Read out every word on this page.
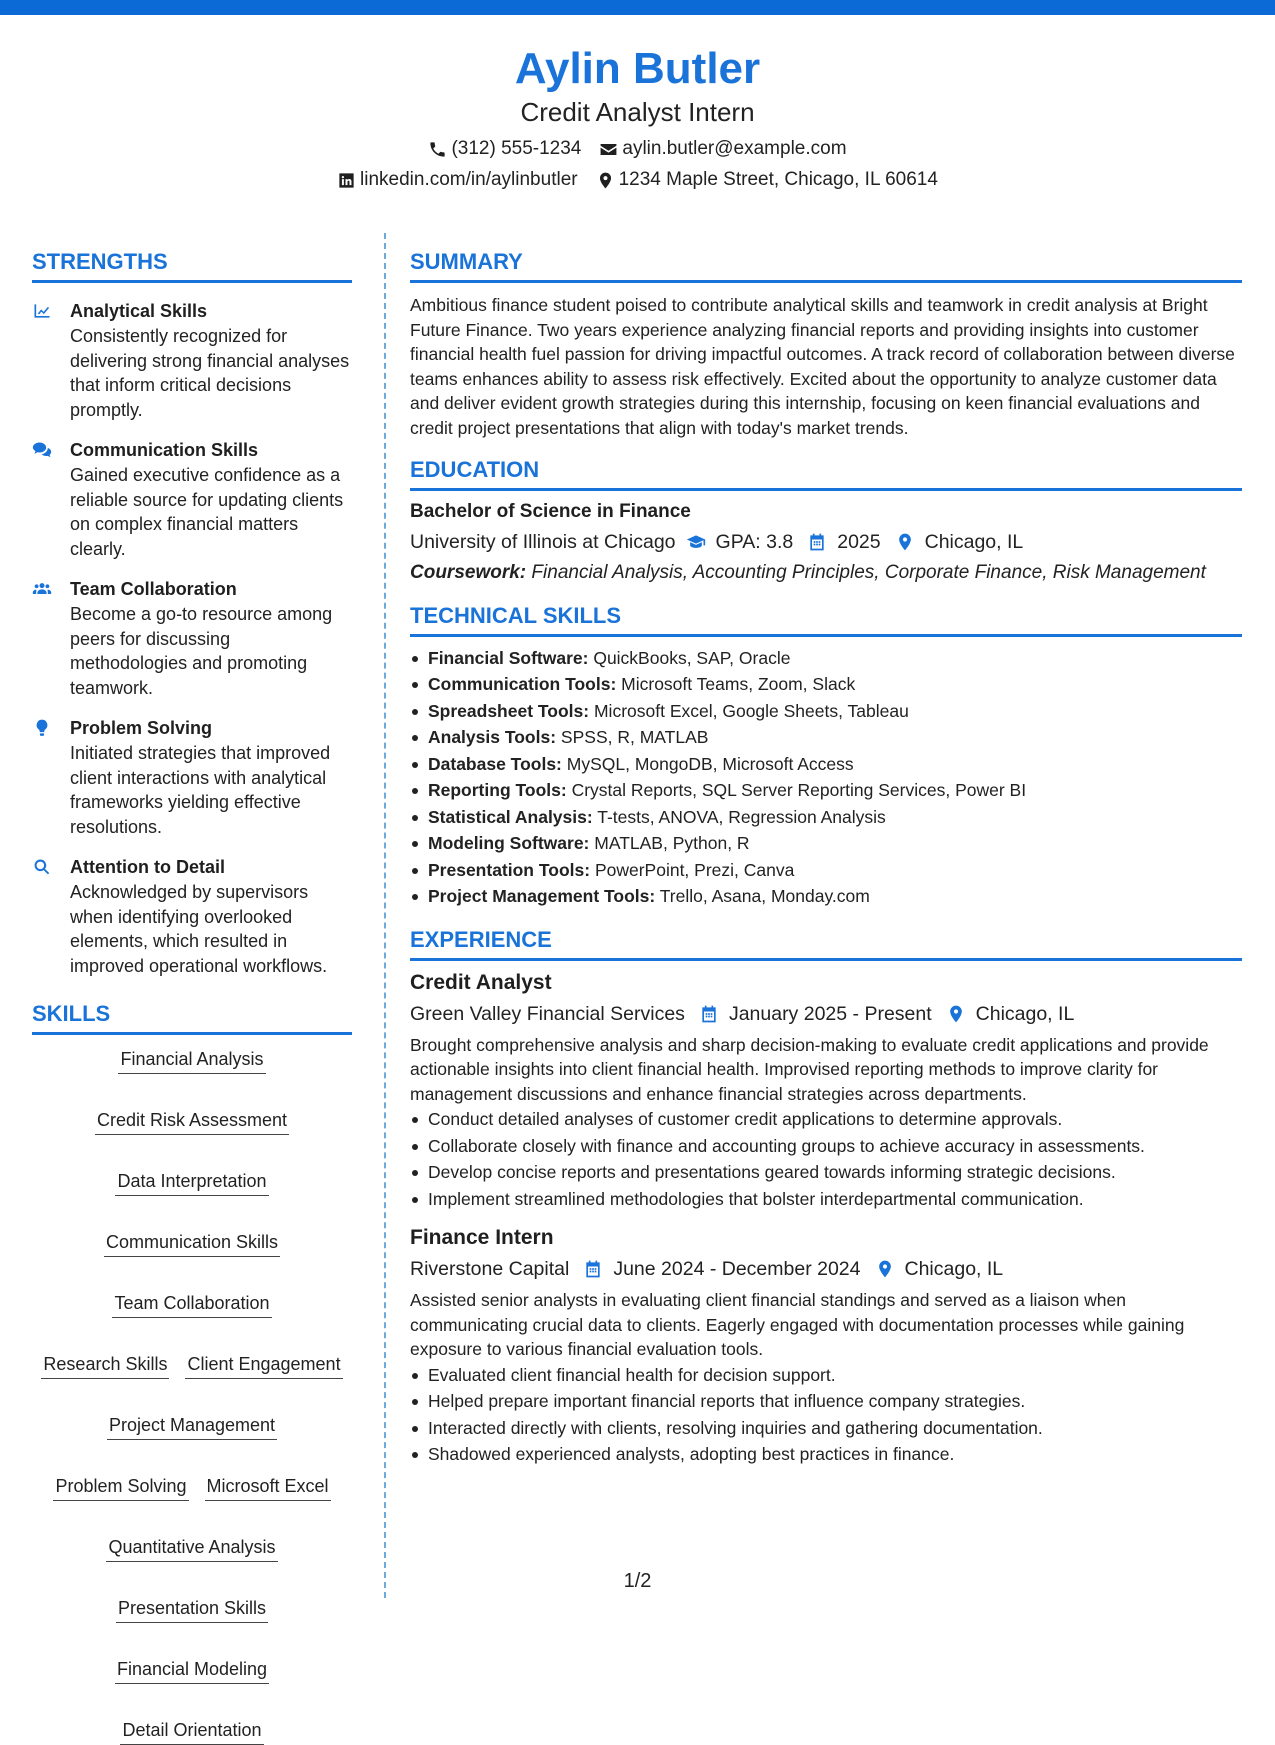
Aylin Butler
Credit Analyst Intern
(312) 555-1234 aylin.butler@example.com
linkedin.com/in/aylinbutler 1234 Maple Street, Chicago, IL 60614
STRENGTHS
Analytical Skills
Consistently recognized for delivering strong financial analyses that inform critical decisions promptly.
Communication Skills
Gained executive confidence as a reliable source for updating clients on complex financial matters clearly.
Team Collaboration
Become a go-to resource among peers for discussing methodologies and promoting teamwork.
Problem Solving
Initiated strategies that improved client interactions with analytical frameworks yielding effective resolutions.
Attention to Detail
Acknowledged by supervisors when identifying overlooked elements, which resulted in improved operational workflows.
SKILLS
Financial Analysis
Credit Risk Assessment
Data Interpretation
Communication Skills
Team Collaboration
Research Skills Client Engagement
Project Management
Problem Solving Microsoft Excel
Quantitative Analysis
Presentation Skills
Financial Modeling
Detail Orientation
SUMMARY
Ambitious finance student poised to contribute analytical skills and teamwork in credit analysis at Bright Future Finance. Two years experience analyzing financial reports and providing insights into customer financial health fuel passion for driving impactful outcomes. A track record of collaboration between diverse teams enhances ability to assess risk effectively. Excited about the opportunity to analyze customer data and deliver evident growth strategies during this internship, focusing on keen financial evaluations and credit project presentations that align with today's market trends.
EDUCATION
Bachelor of Science in Finance
University of Illinois at Chicago GPA: 3.8 2025 Chicago, IL
Coursework: Financial Analysis, Accounting Principles, Corporate Finance, Risk Management
TECHNICAL SKILLS
Financial Software: QuickBooks, SAP, Oracle
Communication Tools: Microsoft Teams, Zoom, Slack
Spreadsheet Tools: Microsoft Excel, Google Sheets, Tableau
Analysis Tools: SPSS, R, MATLAB
Database Tools: MySQL, MongoDB, Microsoft Access
Reporting Tools: Crystal Reports, SQL Server Reporting Services, Power BI
Statistical Analysis: T-tests, ANOVA, Regression Analysis
Modeling Software: MATLAB, Python, R
Presentation Tools: PowerPoint, Prezi, Canva
Project Management Tools: Trello, Asana, Monday.com
EXPERIENCE
Credit Analyst
Green Valley Financial Services January 2025 - Present Chicago, IL
Brought comprehensive analysis and sharp decision-making to evaluate credit applications and provide actionable insights into client financial health. Improvised reporting methods to improve clarity for management discussions and enhance financial strategies across departments.
Conduct detailed analyses of customer credit applications to determine approvals.
Collaborate closely with finance and accounting groups to achieve accuracy in assessments.
Develop concise reports and presentations geared towards informing strategic decisions.
Implement streamlined methodologies that bolster interdepartmental communication.
Finance Intern
Riverstone Capital June 2024 - December 2024 Chicago, IL
Assisted senior analysts in evaluating client financial standings and served as a liaison when communicating crucial data to clients. Eagerly engaged with documentation processes while gaining exposure to various financial evaluation tools.
Evaluated client financial health for decision support.
Helped prepare important financial reports that influence company strategies.
Interacted directly with clients, resolving inquiries and gathering documentation.
Shadowed experienced analysts, adopting best practices in finance.
1/2
